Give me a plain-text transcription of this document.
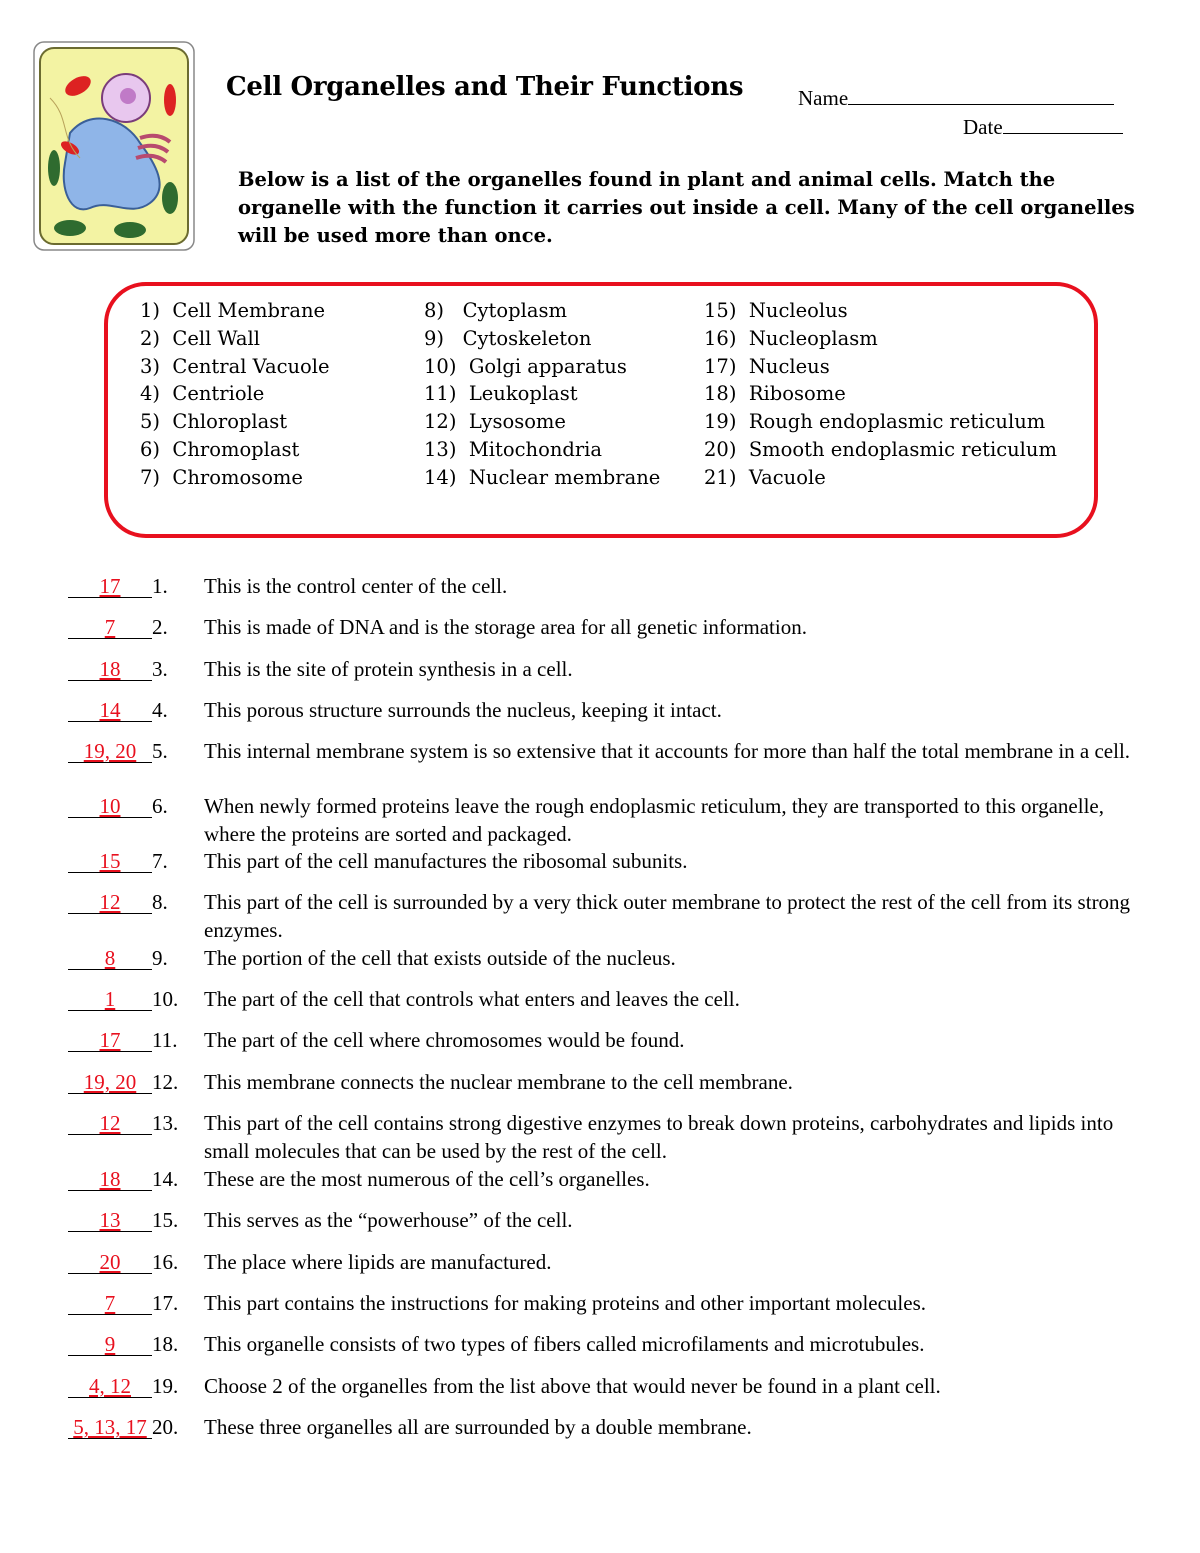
Cell Organelles and Their Functions	Name
Date
Below is a list of the organelles found in plant and animal cells. Match the organelle with the function it carries out inside a cell. Many of the cell organelles will be used more than once.
1)  Cell Membrane
2)  Cell Wall
3)  Central Vacuole
4)  Centriole
5)  Chloroplast
6)  Chromoplast
7)  Chromosome
8)   Cytoplasm
9)   Cytoskeleton
10)  Golgi apparatus
11)  Leukoplast
12)  Lysosome
13)  Mitochondria
14)  Nuclear membrane
15)  Nucleolus
16)  Nucleoplasm
17)  Nucleus
18)  Ribosome
19)  Rough endoplasmic reticulum
20)  Smooth endoplasmic reticulum
21)  Vacuole
17 1.	This is the control center of the cell.
7 2.	This is made of DNA and is the storage area for all genetic information.
18 3.	This is the site of protein synthesis in a cell.
14 4.	This porous structure surrounds the nucleus, keeping it intact.
19, 20 5.	This internal membrane system is so extensive that it accounts for more than half the total membrane in a cell.
10 6.	When newly formed proteins leave the rough endoplasmic reticulum, they are transported to this organelle, where the proteins are sorted and packaged.
15 7.	This part of the cell manufactures the ribosomal subunits.
12 8.	This part of the cell is surrounded by a very thick outer membrane to protect the rest of the cell from its strong enzymes.
8 9.	The portion of the cell that exists outside of the nucleus.
1 10.	The part of the cell that controls what enters and leaves the cell.
17 11.	The part of the cell where chromosomes would be found.
19, 20 12.	This membrane connects the nuclear membrane to the cell membrane.
12 13.	This part of the cell contains strong digestive enzymes to break down proteins, carbohydrates and lipids into small molecules that can be used by the rest of the cell.
18 14.	These are the most numerous of the cell’s organelles.
13 15.	This serves as the “powerhouse” of the cell.
20 16.	The place where lipids are manufactured.
7 17.	This part contains the instructions for making proteins and other important molecules.
9 18.	This organelle consists of two types of fibers called microfilaments and microtubules.
4, 12 19.	Choose 2 of the organelles from the list above that would never be found in a plant cell.
5, 13, 17 20.	These three organelles all are surrounded by a double membrane.
